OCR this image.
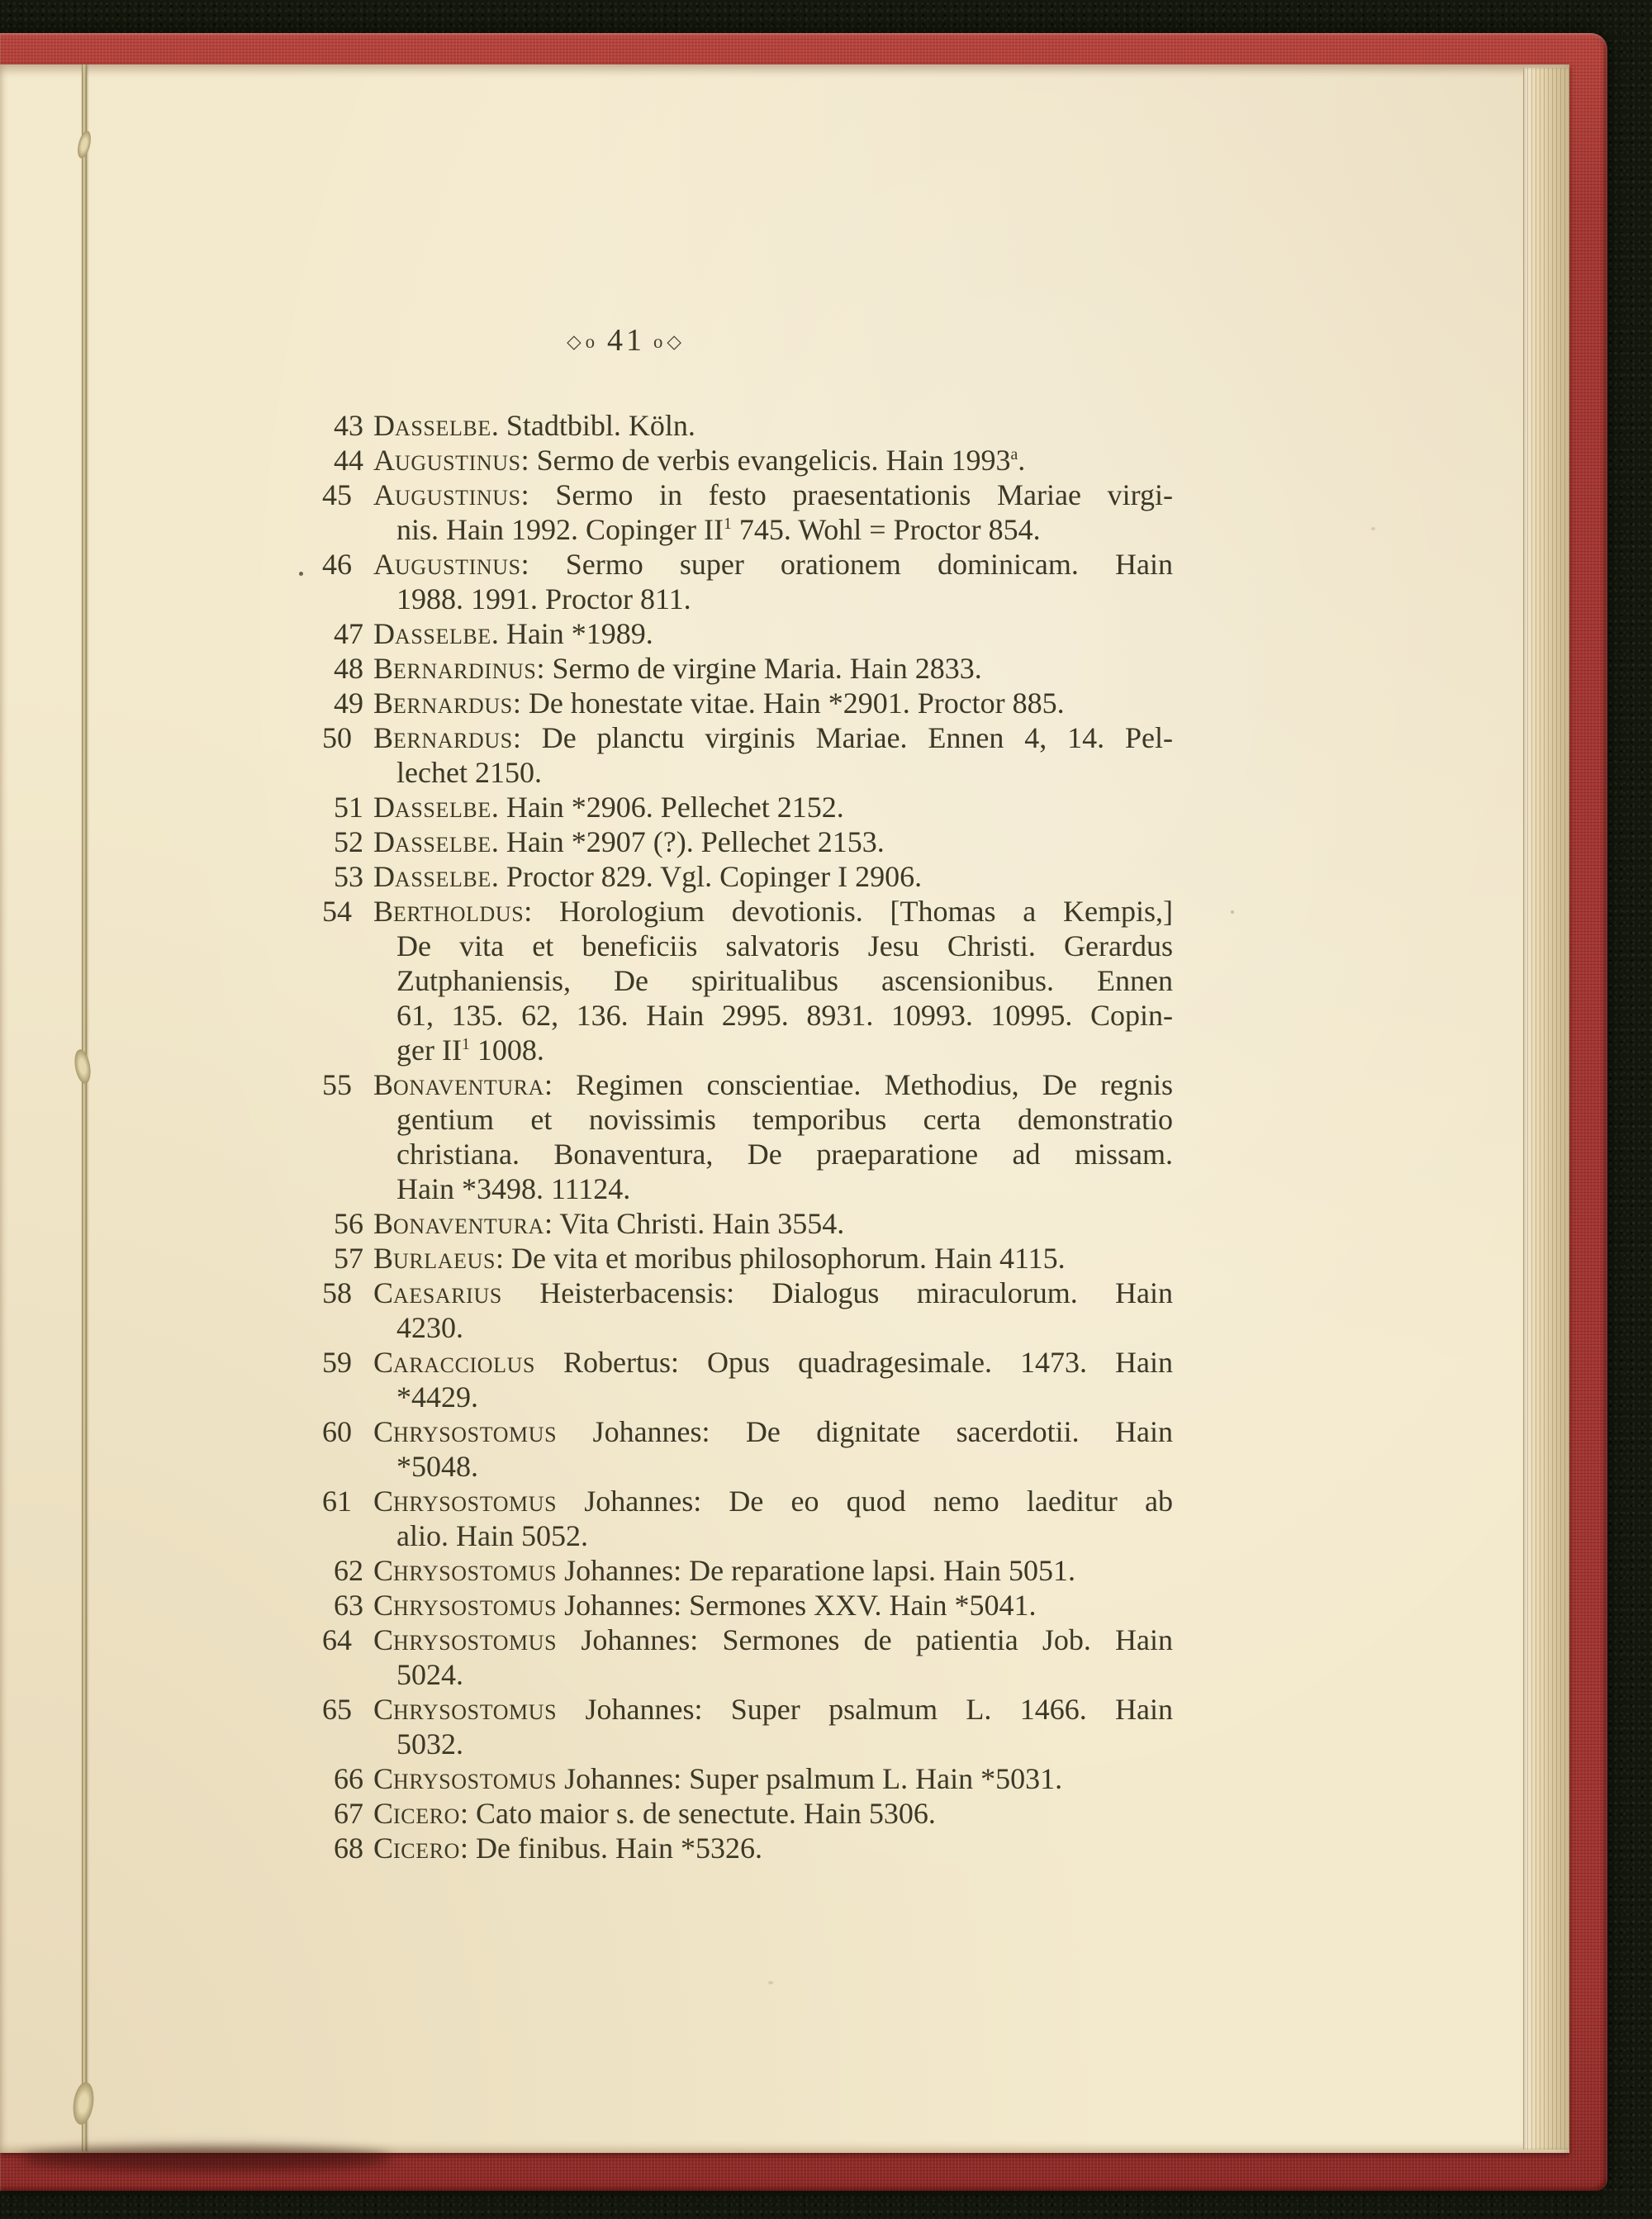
◇o 41 o◇
43 DASSELBE. Stadtbibl. Köln.
44 AUGUSTINUS: Sermo de verbis evangelicis. Hain 1993$^a$.
45 AUGUSTINUS: Sermo in festo praesentationis Mariae virgi-
nis. Hain 1992. Copinger $II^1$ 745. Wohl = Proctor 854.
46 AUGUSTINUS: Sermo super orationem dominicam. Hain
1988. 1991. Proctor 811.
47 DASSELBE. Hain *1989.
48 BERNARDINUS: Sermo de virgine Maria. Hain 2833.
49 BERNARDUS: De honestate vitae. Hain *2901. Proctor 885.
50 BERNARDUS: De planctu virginis Mariae. Ennen 4, 14. Pel-
lechet 2150.
51 DASSELBE. Hain *2906. Pellechet 2152.
52 DASSELBE. Hain *2907 (?). Pellechet 2153.
53 DASSELBE. Proctor 829. Vgl. Copinger I 2906.
54 BERTHOLDUS: Horologium devotionis. [Thomas a Kempis,]
De vita et beneficiis salvatoris Jesu Christi. Gerardus
Zutphaniensis, De spiritualibus ascensionibus. Ennen
61, 135. 62, 136. Hain 2995. 8931. 10993. 10995. Copin-
ger $II^1$ 1008.
55 BONAVENTURA: Regimen conscientiae. Methodius, De regnis
gentium et novissimis temporibus certa demonstratio
christiana. Bonaventura, De praeparatione ad missam.
Hain *3498. 11124.
56 BONAVENTURA: Vita Christi. Hain 3554.
57 BURLAEUS: De vita et moribus philosophorum. Hain 4115.
58 CAESARIUS Heisterbacensis: Dialogus miraculorum. Hain
4230.
59 CARACCIOLUS Robertus: Opus quadragesimale. 1473. Hain
*4429.
60 CHRYSOSTOMUS Johannes: De dignitate sacerdotii. Hain
*5048.
61 CHRYSOSTOMUS Johannes: De eo quod nemo laeditur ab
alio. Hain 5052.
62 CHRYSOSTOMUS Johannes: De reparatione lapsi. Hain 5051.
63 CHRYSOSTOMUS Johannes: Sermones XXV. Hain *5041.
64 CHRYSOSTOMUS Johannes: Sermones de patientia Job. Hain
5024.
65 CHRYSOSTOMUS Johannes: Super psalmum L. 1466. Hain
5032.
66 CHRYSOSTOMUS Johannes: Super psalmum L. Hain *5031.
67 CICERO: Cato maior s. de senectute. Hain 5306.
68 CICERO: De finibus. Hain *5326.
